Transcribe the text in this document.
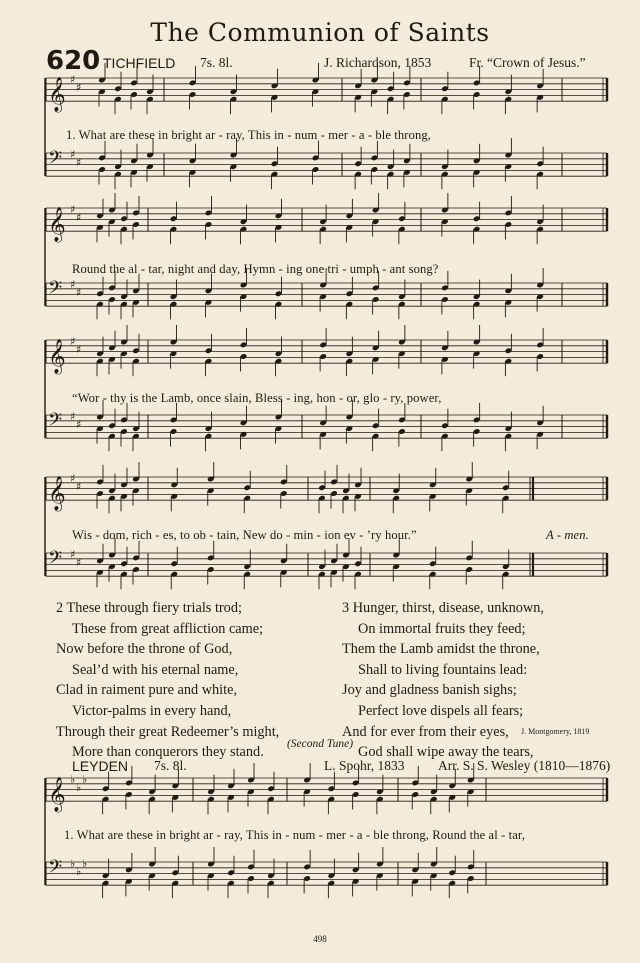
𝄞 ♯
♯
𝄢 ♯
♯
𝄞 ♯
♯
𝄢 ♯
♯
𝄞 ♯
♯
𝄢 ♯
♯
𝄞 ♯
♯
𝄢 ♯
♯
𝄞 ♭
♭
♭
𝄢 ♭
♭
♭
The Communion of Saints
620 TICHFIELD 7s. 8l.	J. Richardson, 1853	Fr. “Crown of Jesus.”
1. What are these in bright ar - ray, This in - num - mer - a - ble throng,
Round the al - tar, night and day, Hymn - ing one tri - umph - ant song?
“Wor - thy is the Lamb, once slain, Bless - ing, hon - or, glo - ry, power,
Wis - dom, rich - es, to ob - tain, New do - min - ion ev - ’ry hour.”	A - men.
2 These through fiery trials trod;
These from great affliction came;
Now before the throne of God,
Seal’d with his eternal name,
Clad in raiment pure and white,
Victor-palms in every hand,
Through their great Redeemer’s might,
More than conquerors they stand.
3 Hunger, thirst, disease, unknown,
On immortal fruits they feed;
Them the Lamb amidst the throne,
Shall to living fountains lead:
Joy and gladness banish sighs;
Perfect love dispels all fears;
And for ever from their eyes,
God shall wipe away the tears,
J. Montgomery, 1819
(Second Tune)
LEYDEN 7s. 8l.	L. Spohr, 1833 Arr. S. S. Wesley (1810—1876)
1. What are these in bright ar - ray, This in - num - mer - a - ble throng, Round the al - tar,
498
